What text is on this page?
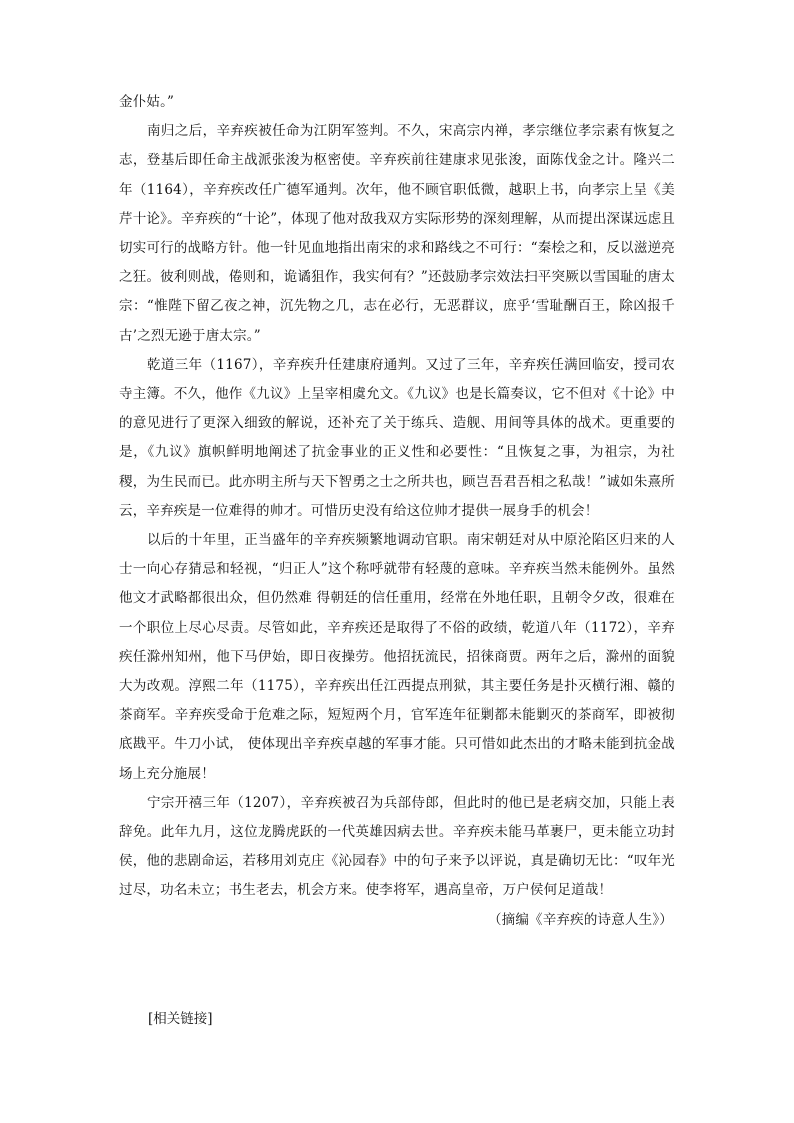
金仆姑。”

南归之后，辛弃疾被任命为江阴军签判。不久，宋高宗内禅，孝宗继位孝宗素有恢复之志，登基后即任命主战派张浚为枢密使。辛弃疾前往建康求见张浚，面陈伐金之计。隆兴二年（1164），辛弃疾改任广德军通判。次年，他不顾官职低微，越职上书，向孝宗上呈《美芹十论》。辛弃疾的“十论”，体现了他对敌我双方实际形势的深刻理解，从而提出深谋远虑且切实可行的战略方针。他一针见血地指出南宋的求和路线之不可行：“秦桧之和，反以滋逆亮之狂。彼利则战，倦则和，诡谲狙作，我实何有？”还鼓励孝宗效法扫平突厥以雪国耻的唐太宗：“惟陛下留乙夜之神，沉先物之几，志在必行，无恶群议，庶乎‘雪耻酬百王，除凶报千古’之烈无逊于唐太宗。”

乾道三年（1167），辛弃疾升任建康府通判。又过了三年，辛弃疾任满回临安，授司农寺主簿。不久，他作《九议》上呈宰相虞允文。《九议》也是长篇奏议，它不但对《十论》中的意见进行了更深入细致的解说，还补充了关于练兵、造舰、用间等具体的战术。更重要的是，《九议》旗帜鲜明地阐述了抗金事业的正义性和必要性：“且恢复之事，为祖宗，为社稷，为生民而已。此亦明主所与天下智勇之士之所共也，顾岂吾君吾相之私哉！”诚如朱熹所云，辛弃疾是一位难得的帅才。可惜历史没有给这位帅才提供一展身手的机会！

以后的十年里，正当盛年的辛弃疾频繁地调动官职。南宋朝廷对从中原沦陷区归来的人士一向心存猜忌和轻视，“归正人”这个称呼就带有轻蔑的意味。辛弃疾当然未能例外。虽然他文才武略都很出众，但仍然难 得朝廷的信任重用，经常在外地任职，且朝令夕改，很难在一个职位上尽心尽责。尽管如此，辛弃疾还是取得了不俗的政绩，乾道八年（1172），辛弃疾任滁州知州，他下马伊始，即日夜操劳。他招抚流民，招徕商贾。两年之后，滁州的面貌大为改观。淳熙二年（1175），辛弃疾出任江西提点刑狱，其主要任务是扑灭横行湘、赣的茶商军。辛弃疾受命于危难之际，短短两个月，官军连年征剿都未能剿灭的茶商军，即被彻底戡平。牛刀小试， 使体现出辛弃疾卓越的军事才能。只可惜如此杰出的才略未能到抗金战场上充分施展！

宁宗开禧三年（1207），辛弃疾被召为兵部侍郎，但此时的他已是老病交加，只能上表辞免。此年九月，这位龙腾虎跃的一代英雄因病去世。辛弃疾未能马革裹尸，更未能立功封侯，他的悲剧命运，若移用刘克庄《沁园春》中的句子来予以评说，真是确切无比：“叹年光过尽，功名未立；书生老去，机会方来。使李将军，遇高皇帝，万户侯何足道哉！

（摘编《辛弃疾的诗意人生》）

[相关链接]
